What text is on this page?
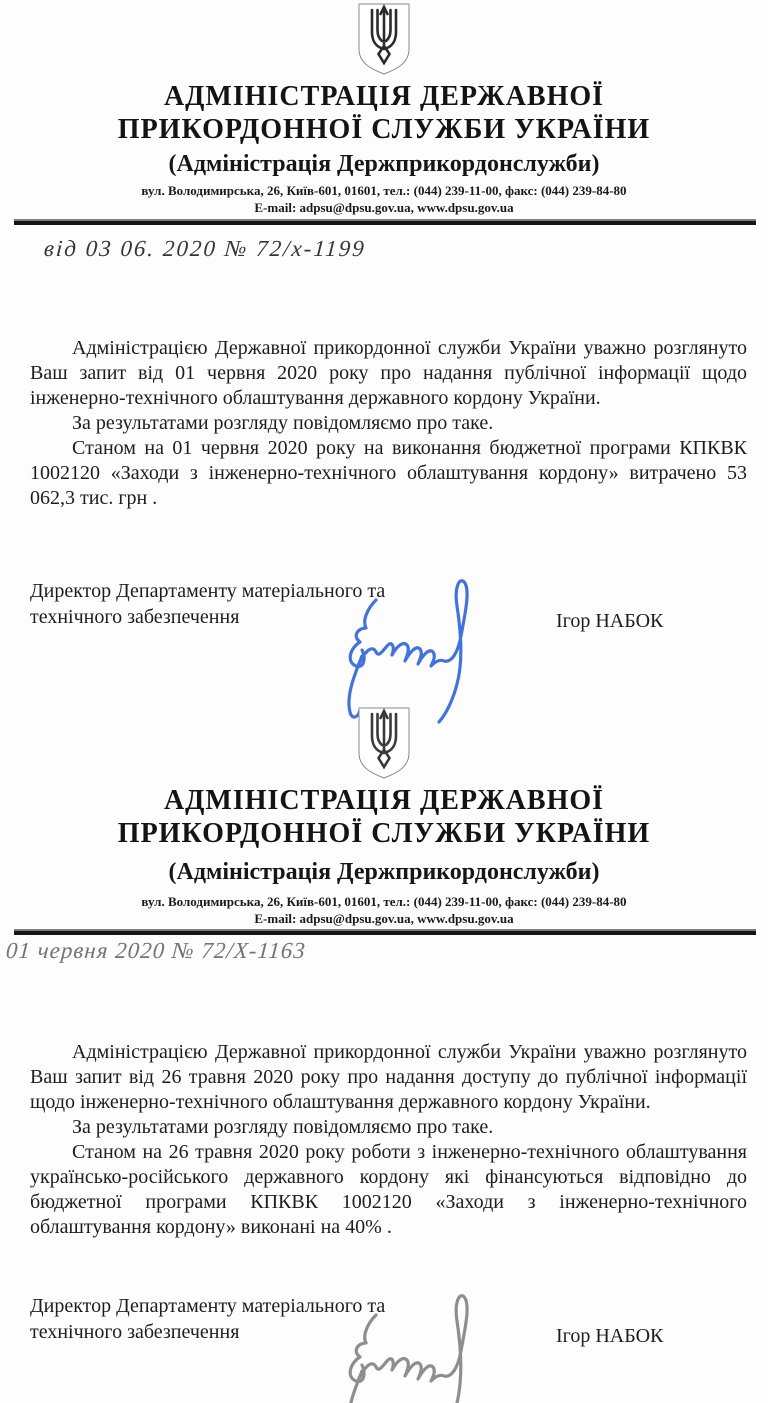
АДМІНІСТРАЦІЯ ДЕРЖАВНОЇ
ПРИКОРДОННОЇ СЛУЖБИ УКРАЇНИ
(Адміністрація Держприкордонслужби)
вул. Володимирська, 26, Київ-601, 01601, тел.: (044) 239-11-00, факс: (044) 239-84-80
E-mail: adpsu@dpsu.gov.ua, www.dpsu.gov.ua
від 03 06. 2020 № 72/х-1199

Адміністрацією Державної прикордонної служби України уважно розглянуто Ваш запит від 01 червня 2020 року про надання публічної інформації щодо інженерно-технічного облаштування державного кордону України.

За результатами розгляду повідомляємо про таке.

Станом на 01 червня 2020 року на виконання бюджетної програми КПКВК 1002120 «Заходи з інженерно-технічного облаштування кордону» витрачено 53 062,3 тис. грн .

Директор Департаменту матеріального та
технічного забезпечення	Ігор НАБОК
АДМІНІСТРАЦІЯ ДЕРЖАВНОЇ
ПРИКОРДОННОЇ СЛУЖБИ УКРАЇНИ
(Адміністрація Держприкордонслужби)
вул. Володимирська, 26, Київ-601, 01601, тел.: (044) 239-11-00, факс: (044) 239-84-80
E-mail: adpsu@dpsu.gov.ua, www.dpsu.gov.ua
01 червня 2020 № 72/Х-1163

Адміністрацією Державної прикордонної служби України уважно розглянуто Ваш запит від 26 травня 2020 року про надання доступу до публічної інформації щодо інженерно-технічного облаштування державного кордону України.

За результатами розгляду повідомляємо про таке.

Станом на 26 травня 2020 року роботи з інженерно-технічного облаштування українсько-російського державного кордону які фінансуються відповідно до бюджетної програми КПКВК 1002120 «Заходи з інженерно-технічного облаштування кордону» виконані на 40% .

Директор Департаменту матеріального та
технічного забезпечення	Ігор НАБОК
